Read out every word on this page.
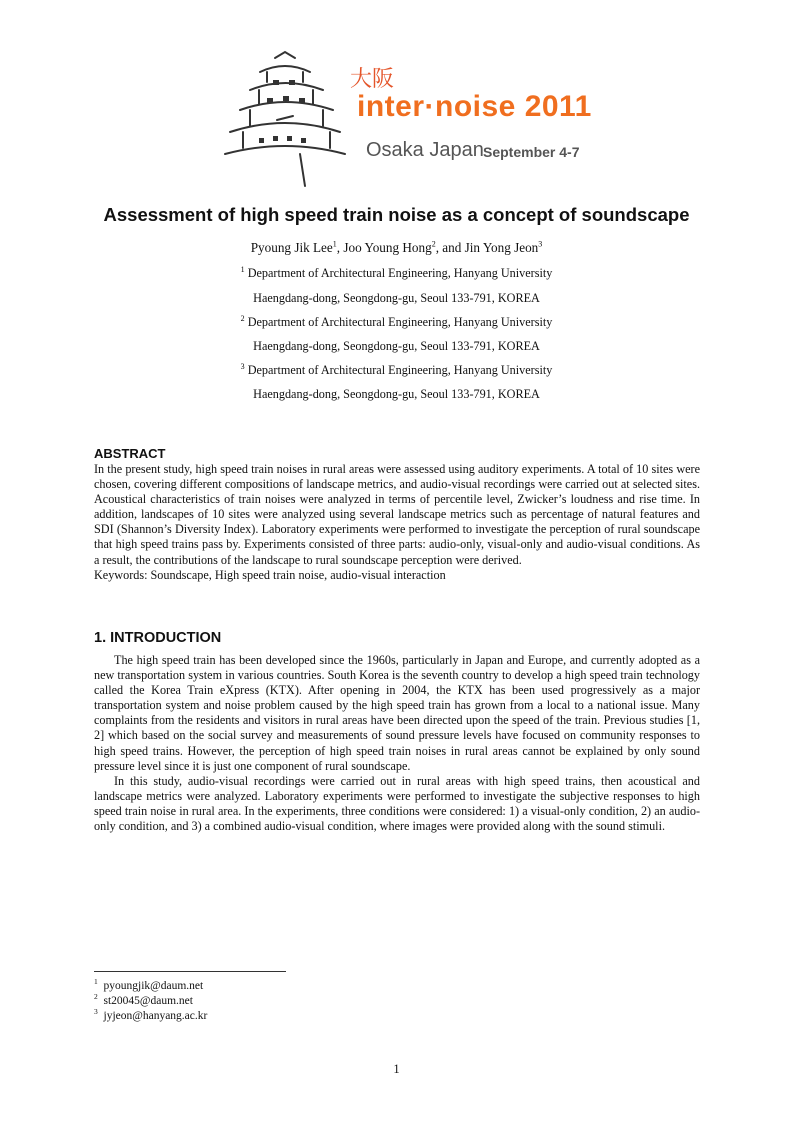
大阪
inter·noise 2011
Osaka Japan September 4-7
Assessment of high speed train noise as a concept of soundscape
Pyoung Jik Lee$^1$, Joo Young Hong$^2$, and Jin Yong Jeon$^3$
$^1$ Department of Architectural Engineering, Hanyang University
Haengdang-dong, Seongdong-gu, Seoul 133-791, KOREA
$^2$ Department of Architectural Engineering, Hanyang University
Haengdang-dong, Seongdong-gu, Seoul 133-791, KOREA
$^3$ Department of Architectural Engineering, Hanyang University
Haengdang-dong, Seongdong-gu, Seoul 133-791, KOREA
ABSTRACT

In the present study, high speed train noises in rural areas were assessed using auditory experiments. A total of 10 sites were chosen, covering different compositions of landscape metrics, and audio-visual recordings were carried out at selected sites. Acoustical characteristics of train noises were analyzed in terms of percentile level, Zwicker’s loudness and rise time. In addition, landscapes of 10 sites were analyzed using several landscape metrics such as percentage of natural features and SDI (Shannon’s Diversity Index). Laboratory experiments were performed to investigate the perception of rural soundscape that high speed trains pass by. Experiments consisted of three parts: audio-only, visual-only and audio-visual conditions. As a result, the contributions of the landscape to rural soundscape perception were derived.

Keywords: Soundscape, High speed train noise, audio-visual interaction

1. INTRODUCTION

The high speed train has been developed since the 1960s, particularly in Japan and Europe, and currently adopted as a new transportation system in various countries. South Korea is the seventh country to develop a high speed train technology called the Korea Train eXpress (KTX). After opening in 2004, the KTX has been used progressively as a major transportation system and noise problem caused by the high speed train has grown from a local to a national issue. Many complaints from the residents and visitors in rural areas have been directed upon the speed of the train. Previous studies [1, 2] which based on the social survey and measurements of sound pressure levels have focused on community responses to high speed trains. However, the perception of high speed train noises in rural areas cannot be explained by only sound pressure level since it is just one component of rural soundscape.

In this study, audio-visual recordings were carried out in rural areas with high speed trains, then acoustical and landscape metrics were analyzed. Laboratory experiments were performed to investigate the subjective responses to high speed train noise in rural area. In the experiments, three conditions were considered: 1) a visual-only condition, 2) an audio-only condition, and 3) a combined audio-visual condition, where images were provided along with the sound stimuli.

$^1$ pyoungjik@daum.net
$^2$ st20045@daum.net
$^3$ jyjeon@hanyang.ac.kr
1
